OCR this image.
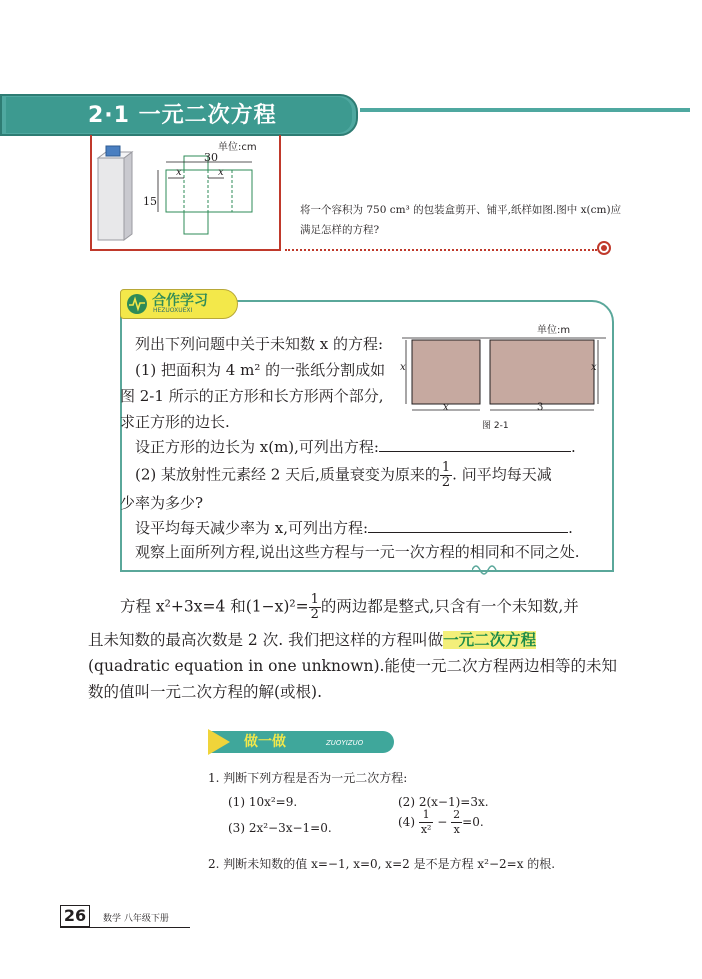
2·1 一元二次方程
单位:cm
30
15
x	x
将一个容积为 750 cm³ 的包装盒剪开、铺平,纸样如图.图中 x(cm)应满足怎样的方程?
合作学习
HEZUOXUEXI
列出下列问题中关于未知数 x 的方程:
(1) 把面积为 4 m² 的一张纸分割成如
图 2-1 所示的正方形和长方形两个部分,
求正方形的边长.
单位:m
x	x
x	3
图 2-1
设正方形的边长为 x(m),可列出方程:	.
(2) 某放射性元素经 2 天后,质量衰变为原来的 $\frac{1}{2}$ . 问平均每天减
少率为多少?
设平均每天减少率为 x,可列出方程:	.
观察上面所列方程,说出这些方程与一元一次方程的相同和不同之处.
方程 x²+3x=4 和$(1-x)^2= \frac{1}{2}$ 的两边都是整式,只含有一个未知数,并
且未知数的最高次数是 2 次. 我们把这样的方程叫做一元二次方程
(quadratic equation in one unknown).能使一元二次方程两边相等的未知
数的值叫一元二次方程的解(或根).
做一做	ZUOYIZUO
1. 判断下列方程是否为一元二次方程:
(1) 10x²=9.	(2) 2(x−1)=3x.
(3) 2x²−3x−1=0.	$(4) \frac{1}{\text{x²}} - \frac{2}{x} =0$.
2. 判断未知数的值 x=−1, x=0, x=2 是不是方程 x²−2=x 的根.
26	数学 八年级下册
